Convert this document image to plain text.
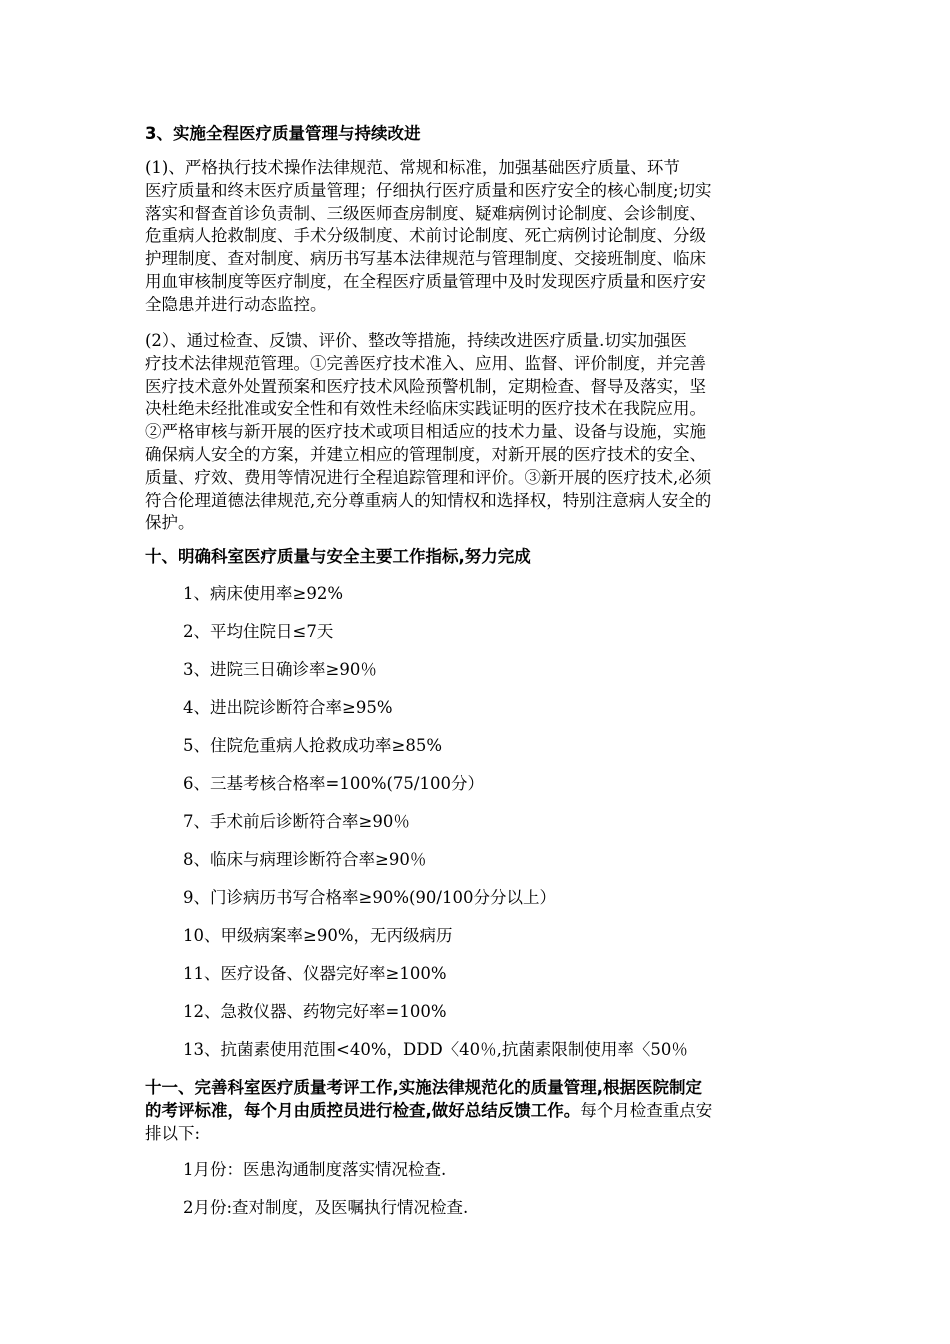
3、实施全程医疗质量管理与持续改进
(1)、严格执行技术操作法律规范、常规和标准，加强基础医疗质量、环节
医疗质量和终末医疗质量管理；仔细执行医疗质量和医疗安全的核心制度;切实
落实和督查首诊负责制、三级医师查房制度、疑难病例讨论制度、会诊制度、
危重病人抢救制度、手术分级制度、术前讨论制度、死亡病例讨论制度、分级
护理制度、查对制度、病历书写基本法律规范与管理制度、交接班制度、临床
用血审核制度等医疗制度，在全程医疗质量管理中及时发现医疗质量和医疗安
全隐患并进行动态监控。
(2）、通过检查、反馈、评价、整改等措施，持续改进医疗质量.切实加强医
疗技术法律规范管理。①完善医疗技术准入、应用、监督、评价制度，并完善
医疗技术意外处置预案和医疗技术风险预警机制，定期检查、督导及落实，坚
决杜绝未经批准或安全性和有效性未经临床实践证明的医疗技术在我院应用。
②严格审核与新开展的医疗技术或项目相适应的技术力量、设备与设施，实施
确保病人安全的方案，并建立相应的管理制度，对新开展的医疗技术的安全、
质量、疗效、费用等情况进行全程追踪管理和评价。③新开展的医疗技术,必须
符合伦理道德法律规范,充分尊重病人的知情权和选择权，特别注意病人安全的
保护。
十、明确科室医疗质量与安全主要工作指标,努力完成

1、病床使用率≥92%

2、平均住院日≤7天

3、进院三日确诊率≥90％

4、进出院诊断符合率≥95%

5、住院危重病人抢救成功率≥85%

6、三基考核合格率=100%(75/100分）

7、手术前后诊断符合率≥90％

8、临床与病理诊断符合率≥90％

9、门诊病历书写合格率≥90%(90/100分分以上）

10、甲级病案率≥90%，无丙级病历

11、医疗设备、仪器完好率≥100%

12、急救仪器、药物完好率=100%

13、抗菌素使用范围<40%，DDD〈40％,抗菌素限制使用率〈50％

十一、完善科室医疗质量考评工作,实施法律规范化的质量管理,根据医院制定
的考评标准，每个月由质控员进行检查,做好总结反馈工作。每个月检查重点安
排以下:

1月份：医患沟通制度落实情况检查.

2月份:查对制度，及医嘱执行情况检查.
